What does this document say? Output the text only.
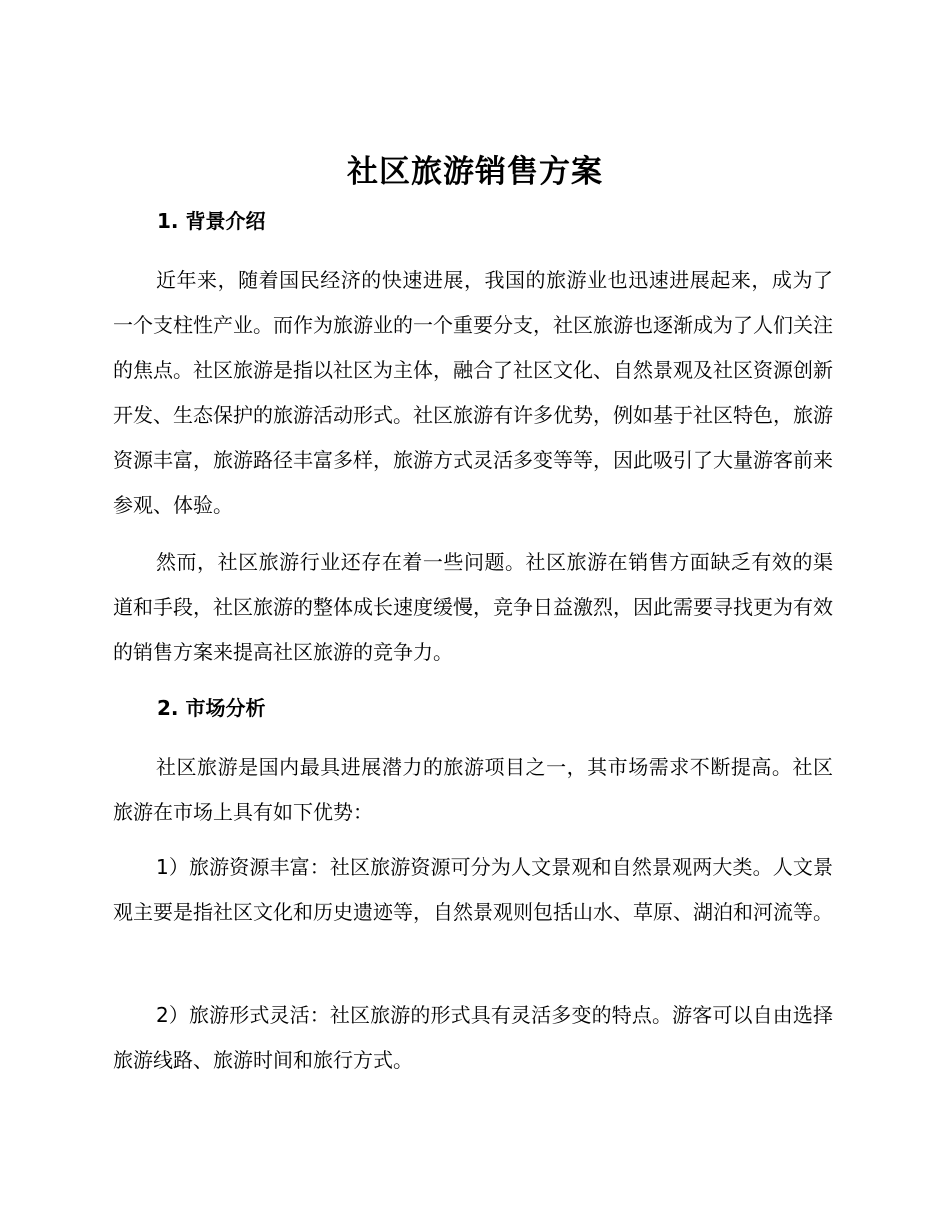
社区旅游销售方案
1. 背景介绍
近年来，随着国民经济的快速进展，我国的旅游业也迅速进展起来，成为了一个支柱性产业。而作为旅游业的一个重要分支，社区旅游也逐渐成为了人们关注的焦点。社区旅游是指以社区为主体，融合了社区文化、自然景观及社区资源创新开发、生态保护的旅游活动形式。社区旅游有许多优势，例如基于社区特色，旅游资源丰富，旅游路径丰富多样，旅游方式灵活多变等等，因此吸引了大量游客前来参观、体验。
然而，社区旅游行业还存在着一些问题。社区旅游在销售方面缺乏有效的渠道和手段，社区旅游的整体成长速度缓慢，竞争日益激烈，因此需要寻找更为有效的销售方案来提高社区旅游的竞争力。
2. 市场分析
社区旅游是国内最具进展潜力的旅游项目之一，其市场需求不断提高。社区旅游在市场上具有如下优势：
1）旅游资源丰富：社区旅游资源可分为人文景观和自然景观两大类。人文景观主要是指社区文化和历史遗迹等，自然景观则包括山水、草原、湖泊和河流等。
2）旅游形式灵活：社区旅游的形式具有灵活多变的特点。游客可以自由选择旅游线路、旅游时间和旅行方式。
